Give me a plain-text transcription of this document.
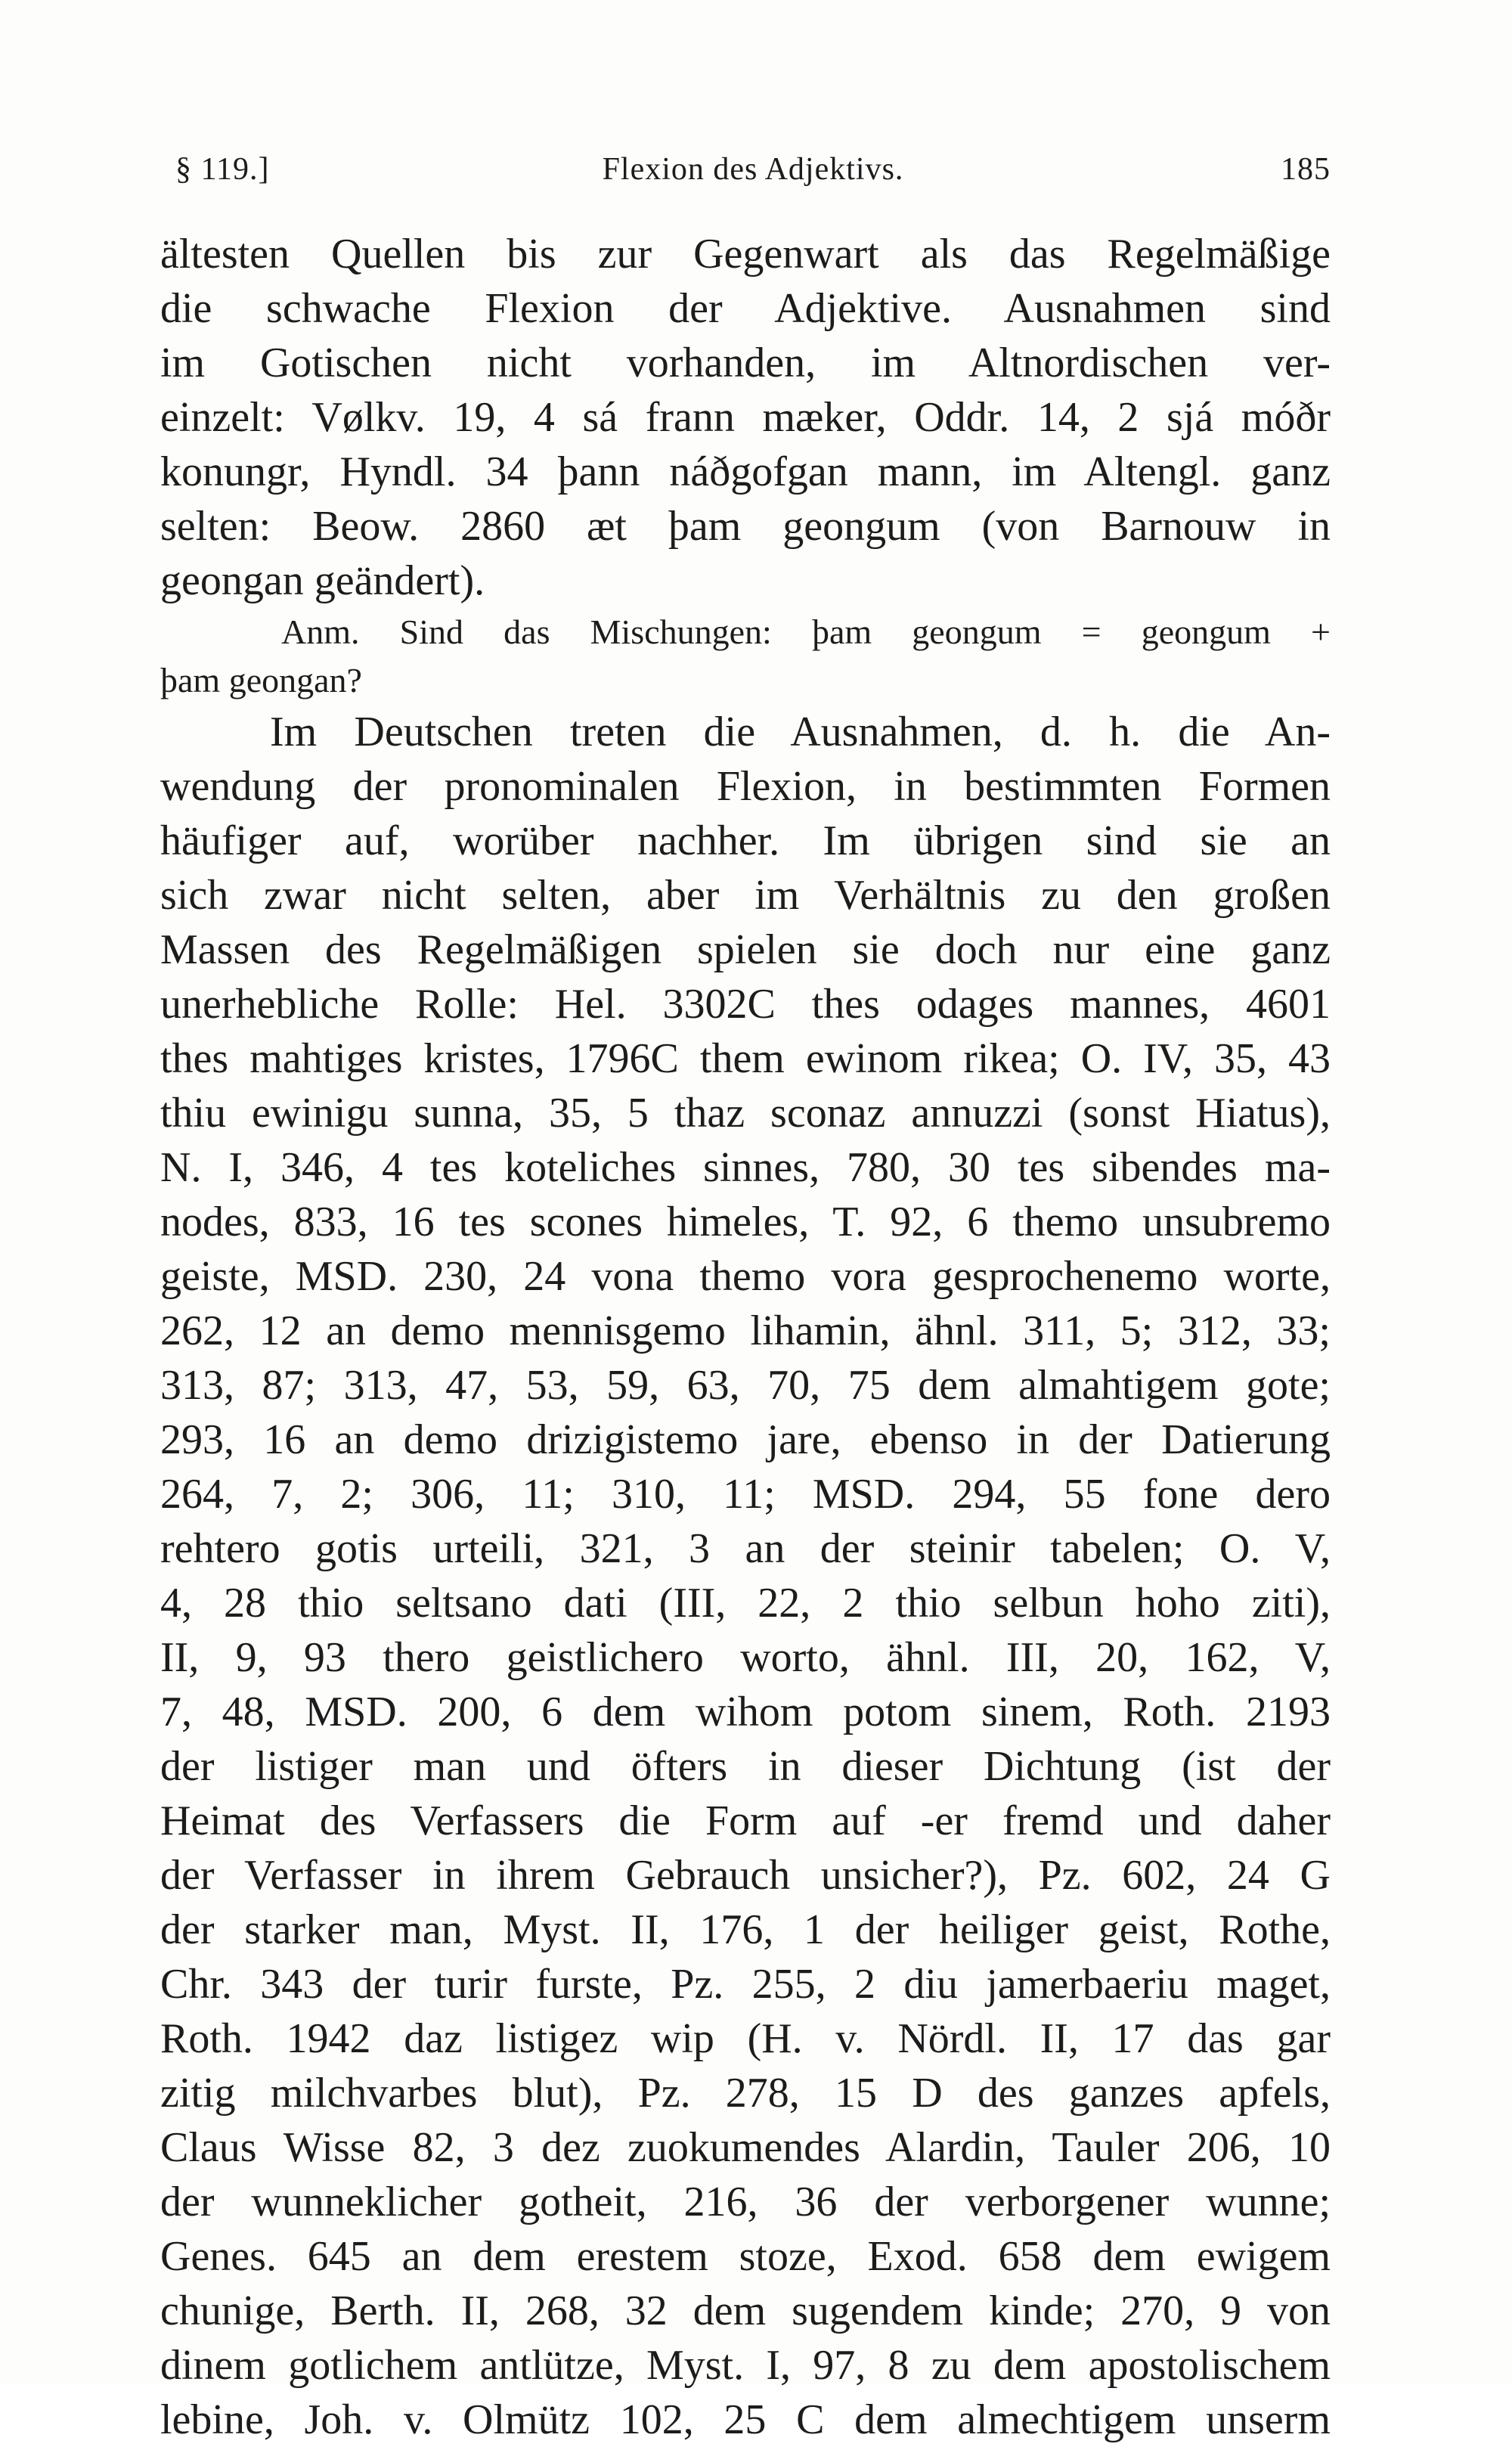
§ 119.]	Flexion des Adjektivs.	185
ältesten Quellen bis zur Gegenwart als das Regelmäßige
die schwache Flexion der Adjektive. Ausnahmen sind
im Gotischen nicht vorhanden, im Altnordischen ver-
einzelt: Vølkv. 19, 4 sá frann mæker, Oddr. 14, 2 sjá móðr
konungr, Hyndl. 34 þann náðgofgan mann, im Altengl. ganz
selten: Beow. 2860 æt þam geongum (von Barnouw in
geongan geändert).
Anm. Sind das Mischungen: þam geongum = geongum +
þam geongan?
Im Deutschen treten die Ausnahmen, d. h. die An-
wendung der pronominalen Flexion, in bestimmten Formen
häufiger auf, worüber nachher. Im übrigen sind sie an
sich zwar nicht selten, aber im Verhältnis zu den großen
Massen des Regelmäßigen spielen sie doch nur eine ganz
unerhebliche Rolle: Hel. 3302C thes odages mannes, 4601
thes mahtiges kristes, 1796C them ewinom rikea; O. IV, 35, 43
thiu ewinigu sunna, 35, 5 thaz sconaz annuzzi (sonst Hiatus),
N. I, 346, 4 tes koteliches sinnes, 780, 30 tes sibendes ma-
nodes, 833, 16 tes scones himeles, T. 92, 6 themo unsubremo
geiste, MSD. 230, 24 vona themo vora gesprochenemo worte,
262, 12 an demo mennisgemo lihamin, ähnl. 311, 5; 312, 33;
313, 87; 313, 47, 53, 59, 63, 70, 75 dem almahtigem gote;
293, 16 an demo drizigistemo jare, ebenso in der Datierung
264, 7, 2; 306, 11; 310, 11; MSD. 294, 55 fone dero
rehtero gotis urteili, 321, 3 an der steinir tabelen; O. V,
4, 28 thio seltsano dati (III, 22, 2 thio selbun hoho ziti),
II, 9, 93 thero geistlichero worto, ähnl. III, 20, 162, V,
7, 48, MSD. 200, 6 dem wihom potom sinem, Roth. 2193
der listiger man und öfters in dieser Dichtung (ist der
Heimat des Verfassers die Form auf -er fremd und daher
der Verfasser in ihrem Gebrauch unsicher?), Pz. 602, 24 G
der starker man, Myst. II, 176, 1 der heiliger geist, Rothe,
Chr. 343 der turir furste, Pz. 255, 2 diu jamerbaeriu maget,
Roth. 1942 daz listigez wip (H. v. Nördl. II, 17 das gar
zitig milchvarbes blut), Pz. 278, 15 D des ganzes apfels,
Claus Wisse 82, 3 dez zuokumendes Alardin, Tauler 206, 10
der wunneklicher gotheit, 216, 36 der verborgener wunne;
Genes. 645 an dem erestem stoze, Exod. 658 dem ewigem
chunige, Berth. II, 268, 32 dem sugendem kinde; 270, 9 von
dinem gotlichem antlütze, Myst. I, 97, 8 zu dem apostolischem
lebine, Joh. v. Olmütz 102, 25 C dem almechtigem unserm
